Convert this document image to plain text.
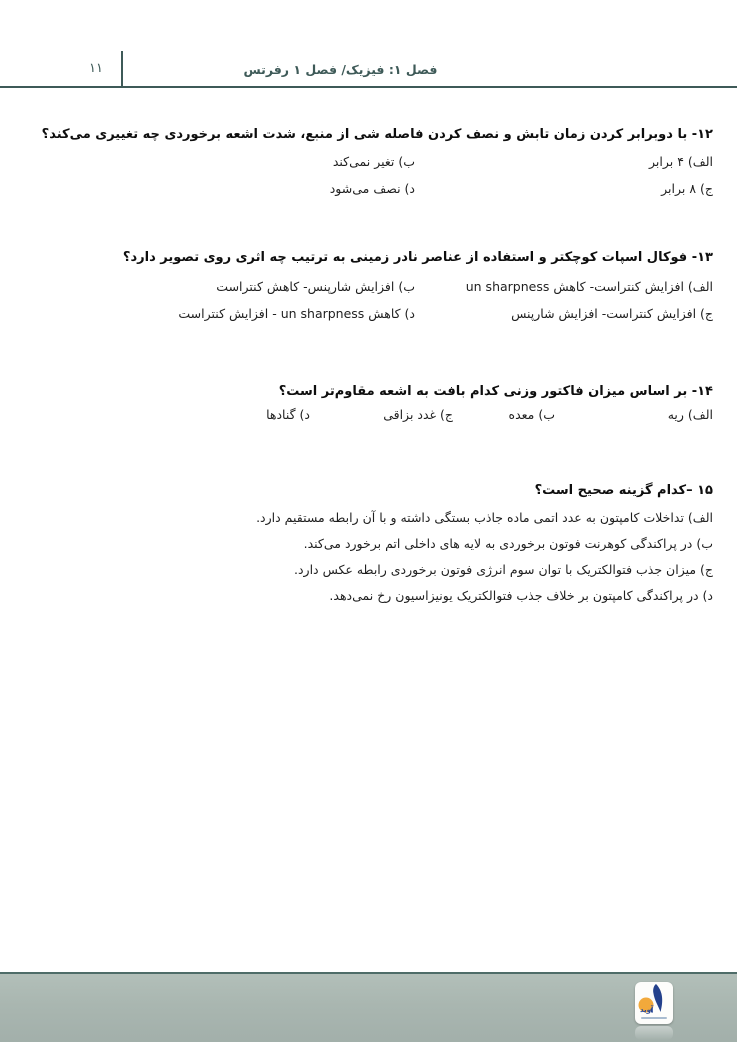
۱۱	فصل ۱: فیزیک/ فصل ۱ رفرتس
۱۲- با دوبرابر کردن زمان تابش و نصف کردن فاصله شی از منبع، شدت اشعه برخوردی چه تغییری می‌کند؟
الف) ۴ برابر
ب) تغیر نمی‌کند
ج) ۸ برابر
د) نصف می‌شود
۱۳- فوکال اسپات کوچکتر و استفاده از عناصر نادر زمینی به ترتیب چه اثری روی تصویر دارد؟
الف) افزایش کنتراست- کاهش un sharpness
ب) افزایش شارپنس- کاهش کنتراست
ج) افزایش کنتراست- افزایش شارپنس
د) کاهش un sharpness - افزایش کنتراست
۱۴- بر اساس میزان فاکتور وزنی کدام بافت به اشعه مقاوم‌تر است؟
الف) ریه
ب) معده
ج) غدد بزاقی
د) گنادها
۱۵ –کدام گزینه صحیح است؟
الف) تداخلات کامپتون به عدد اتمی ماده جاذب بستگی داشته و با آن رابطه مستقیم دارد.
ب) در پراکندگی کوهرنت فوتون برخوردی به لایه های داخلی اتم برخورد می‌کند.
ج) میزان جذب فتوالکتریک با توان سوم انرژی فوتون برخوردی رابطه عکس دارد.
د) در پراکندگی کامپتون بر خلاف جذب فتوالکتریک یونیزاسیون رخ نمی‌دهد.
آوید
